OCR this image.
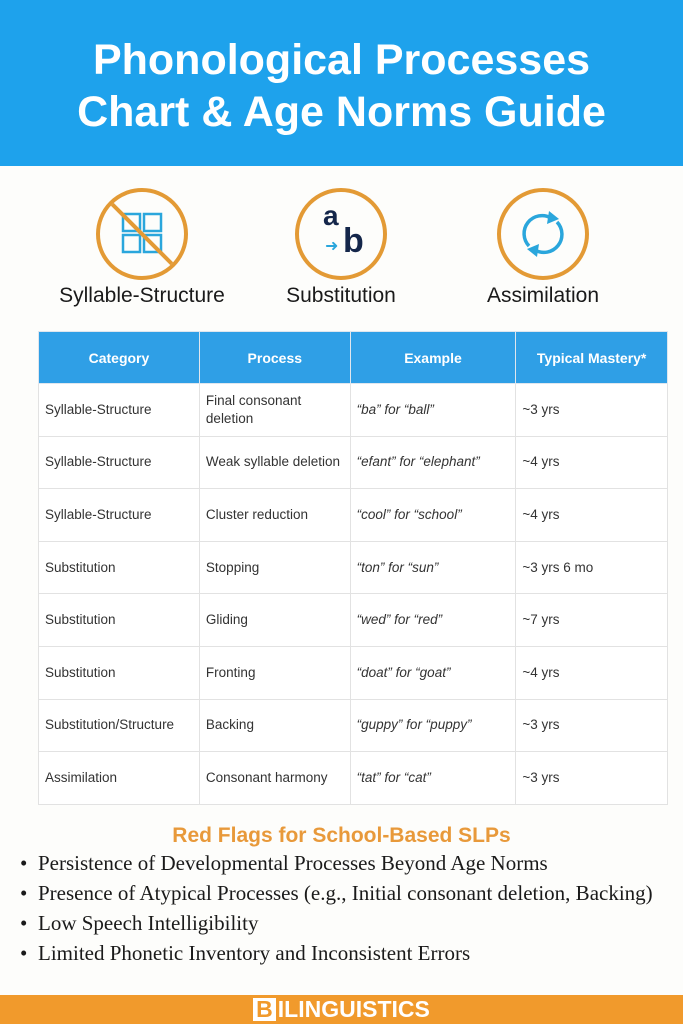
Phonological Processes
Chart & Age Norms Guide
Syllable-Structure
a
➜ b
Substitution	Assimilation
Category	Process	Example	Typical Mastery*
Syllable-Structure	Final consonant deletion	“ba” for “ball”	~3 yrs
Syllable-Structure	Weak syllable deletion	“efant” for “elephant”	~4 yrs
Syllable-Structure	Cluster reduction	“cool” for “school”	~4 yrs
Substitution	Stopping	“ton” for “sun”	~3 yrs 6 mo
Substitution	Gliding	“wed” for “red”	~7 yrs
Substitution	Fronting	“doat” for “goat”	~4 yrs
Substitution/Structure	Backing	“guppy” for “puppy”	~3 yrs
Assimilation	Consonant harmony	“tat” for “cat”	~3 yrs
Red Flags for School-Based SLPs
• Persistence of Developmental Processes Beyond Age Norms
• Presence of Atypical Processes (e.g., Initial consonant deletion, Backing)
• Low Speech Intelligibility
• Limited Phonetic Inventory and Inconsistent Errors
B ILINGUISTICS
